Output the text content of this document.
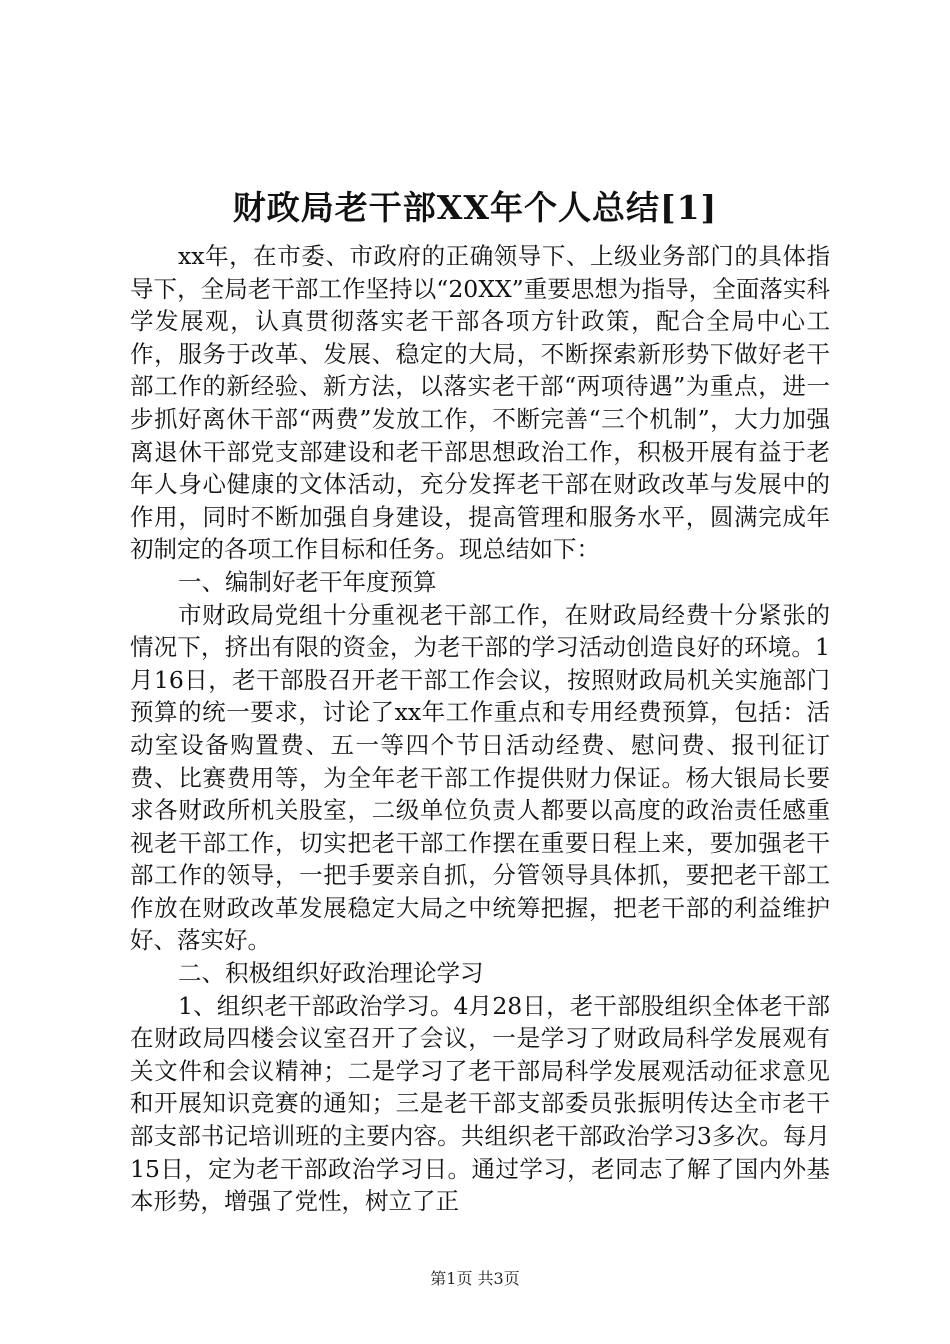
财政局老干部XX年个人总结[1]

xx年，在市委、市政府的正确领导下、上级业务部门的具体指导下，全局老干部工作坚持以“20XX”重要思想为指导，全面落实科学发展观，认真贯彻落实老干部各项方针政策，配合全局中心工作，服务于改革、发展、稳定的大局，不断探索新形势下做好老干部工作的新经验、新方法，以落实老干部“两项待遇”为重点，进一步抓好离休干部“两费”发放工作，不断完善“三个机制”，大力加强离退休干部党支部建设和老干部思想政治工作，积极开展有益于老年人身心健康的文体活动，充分发挥老干部在财政改革与发展中的作用，同时不断加强自身建设，提高管理和服务水平，圆满完成年初制定的各项工作目标和任务。现总结如下：

一、编制好老干年度预算

市财政局党组十分重视老干部工作，在财政局经费十分紧张的情况下，挤出有限的资金，为老干部的学习活动创造良好的环境。1月16日，老干部股召开老干部工作会议，按照财政局机关实施部门预算的统一要求，讨论了xx年工作重点和专用经费预算，包括：活动室设备购置费、五一等四个节日活动经费、慰问费、报刊征订费、比赛费用等，为全年老干部工作提供财力保证。杨大银局长要求各财政所机关股室，二级单位负责人都要以高度的政治责任感重视老干部工作，切实把老干部工作摆在重要日程上来，要加强老干部工作的领导，一把手要亲自抓，分管领导具体抓，要把老干部工作放在财政改革发展稳定大局之中统筹把握，把老干部的利益维护好、落实好。

二、积极组织好政治理论学习

1、组织老干部政治学习。4月28日，老干部股组织全体老干部在财政局四楼会议室召开了会议，一是学习了财政局科学发展观有关文件和会议精神；二是学习了老干部局科学发展观活动征求意见和开展知识竞赛的通知；三是老干部支部委员张振明传达全市老干部支部书记培训班的主要内容。共组织老干部政治学习3多次。每月15日，定为老干部政治学习日。通过学习，老同志了解了国内外基本形势，增强了党性，树立了正

第1页 共3页
